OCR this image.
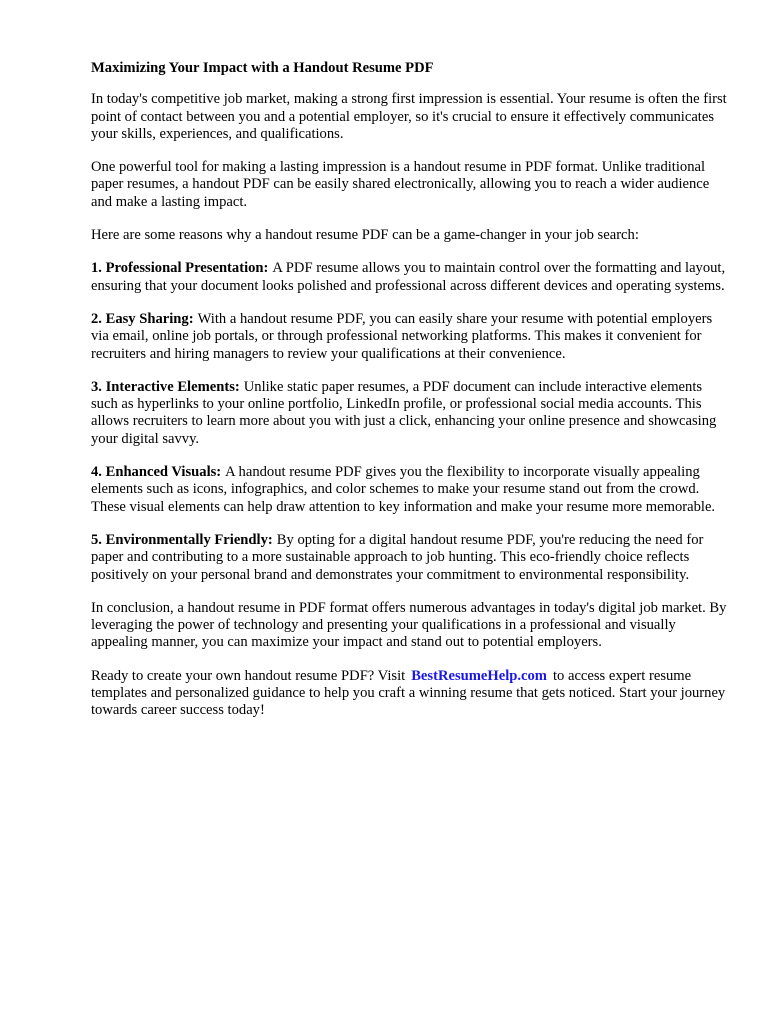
Maximizing Your Impact with a Handout Resume PDF

In today's competitive job market, making a strong first impression is essential. Your resume is often the first point of contact between you and a potential employer, so it's crucial to ensure it effectively communicates your skills, experiences, and qualifications.

One powerful tool for making a lasting impression is a handout resume in PDF format. Unlike traditional paper resumes, a handout PDF can be easily shared electronically, allowing you to reach a wider audience and make a lasting impact.

Here are some reasons why a handout resume PDF can be a game-changer in your job search:

1. Professional Presentation: A PDF resume allows you to maintain control over the formatting and layout, ensuring that your document looks polished and professional across different devices and operating systems.

2. Easy Sharing: With a handout resume PDF, you can easily share your resume with potential employers via email, online job portals, or through professional networking platforms. This makes it convenient for recruiters and hiring managers to review your qualifications at their convenience.

3. Interactive Elements: Unlike static paper resumes, a PDF document can include interactive elements such as hyperlinks to your online portfolio, LinkedIn profile, or professional social media accounts. This allows recruiters to learn more about you with just a click, enhancing your online presence and showcasing your digital savvy.

4. Enhanced Visuals: A handout resume PDF gives you the flexibility to incorporate visually appealing elements such as icons, infographics, and color schemes to make your resume stand out from the crowd. These visual elements can help draw attention to key information and make your resume more memorable.

5. Environmentally Friendly: By opting for a digital handout resume PDF, you're reducing the need for paper and contributing to a more sustainable approach to job hunting. This eco-friendly choice reflects positively on your personal brand and demonstrates your commitment to environmental responsibility.

In conclusion, a handout resume in PDF format offers numerous advantages in today's digital job market. By leveraging the power of technology and presenting your qualifications in a professional and visually appealing manner, you can maximize your impact and stand out to potential employers.

Ready to create your own handout resume PDF? Visit BestResumeHelp.com to access expert resume templates and personalized guidance to help you craft a winning resume that gets noticed. Start your journey towards career success today!
